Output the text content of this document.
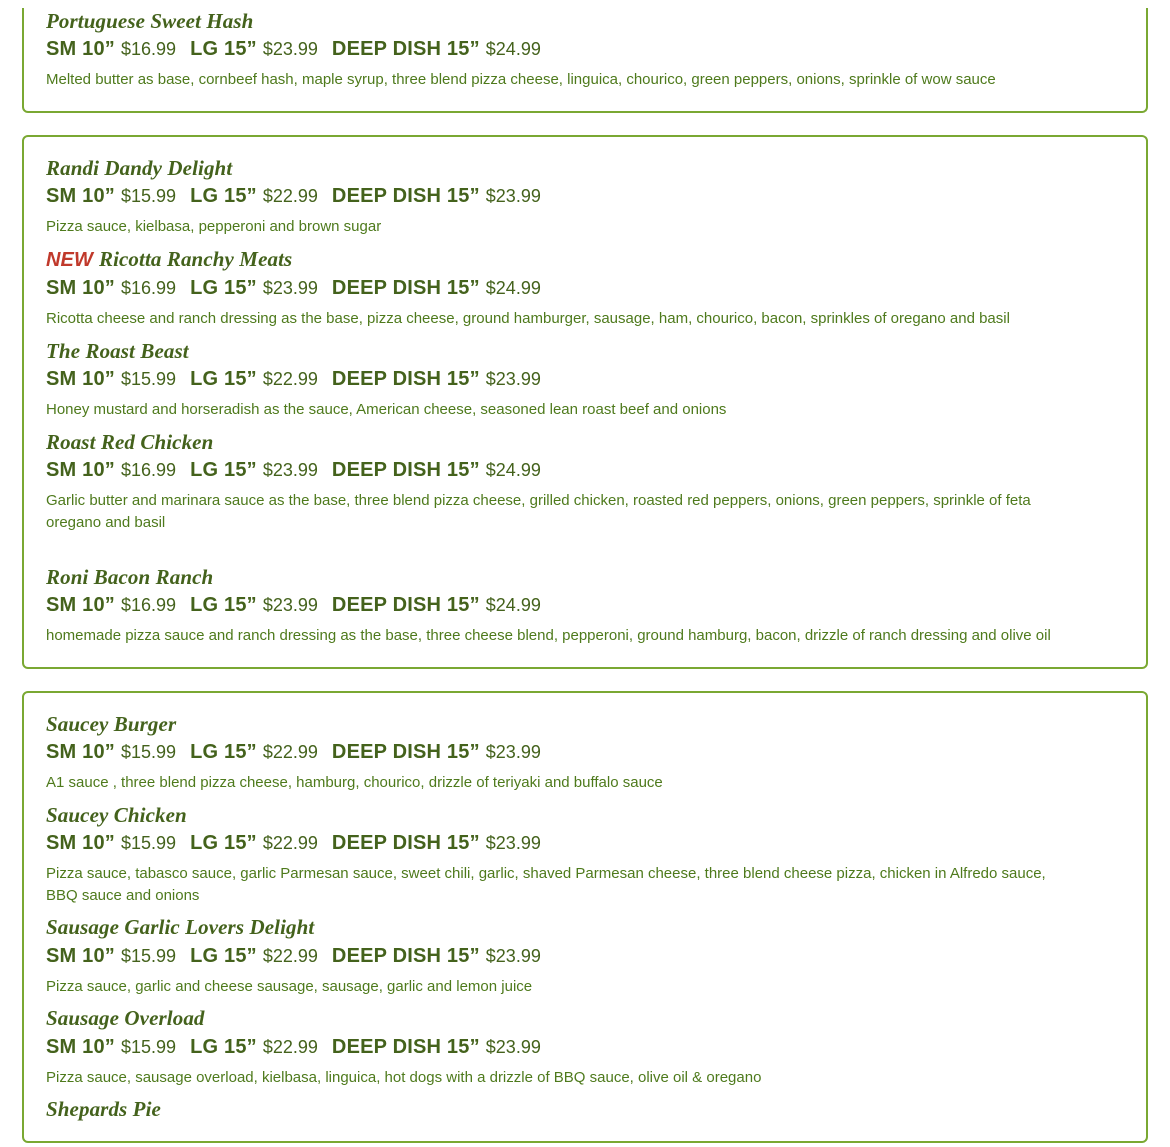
Portuguese Sweet Hash
SM 10” $16.99 LG 15” $23.99 DEEP DISH 15” $24.99
Melted butter as base, cornbeef hash, maple syrup, three blend pizza cheese, linguica, chourico, green peppers, onions, sprinkle of wow sauce
Randi Dandy Delight
SM 10” $15.99 LG 15” $22.99 DEEP DISH 15” $23.99
Pizza sauce, kielbasa, pepperoni and brown sugar
NEW Ricotta Ranchy Meats
SM 10” $16.99 LG 15” $23.99 DEEP DISH 15” $24.99
Ricotta cheese and ranch dressing as the base, pizza cheese, ground hamburger, sausage, ham, chourico, bacon, sprinkles of oregano and basil
The Roast Beast
SM 10” $15.99 LG 15” $22.99 DEEP DISH 15” $23.99
Honey mustard and horseradish as the sauce, American cheese, seasoned lean roast beef and onions
Roast Red Chicken
SM 10” $16.99 LG 15” $23.99 DEEP DISH 15” $24.99
Garlic butter and marinara sauce as the base, three blend pizza cheese, grilled chicken, roasted red peppers, onions, green peppers, sprinkle of feta oregano and basil
Roni Bacon Ranch
SM 10” $16.99 LG 15” $23.99 DEEP DISH 15” $24.99
homemade pizza sauce and ranch dressing as the base, three cheese blend, pepperoni, ground hamburg, bacon, drizzle of ranch dressing and olive oil
Saucey Burger
SM 10” $15.99 LG 15” $22.99 DEEP DISH 15” $23.99
A1 sauce , three blend pizza cheese, hamburg, chourico, drizzle of teriyaki and buffalo sauce
Saucey Chicken
SM 10” $15.99 LG 15” $22.99 DEEP DISH 15” $23.99
Pizza sauce, tabasco sauce, garlic Parmesan sauce, sweet chili, garlic, shaved Parmesan cheese, three blend cheese pizza, chicken in Alfredo sauce, BBQ sauce and onions
Sausage Garlic Lovers Delight
SM 10” $15.99 LG 15” $22.99 DEEP DISH 15” $23.99
Pizza sauce, garlic and cheese sausage, sausage, garlic and lemon juice
Sausage Overload
SM 10” $15.99 LG 15” $22.99 DEEP DISH 15” $23.99
Pizza sauce, sausage overload, kielbasa, linguica, hot dogs with a drizzle of BBQ sauce, olive oil & oregano
Shepards Pie
